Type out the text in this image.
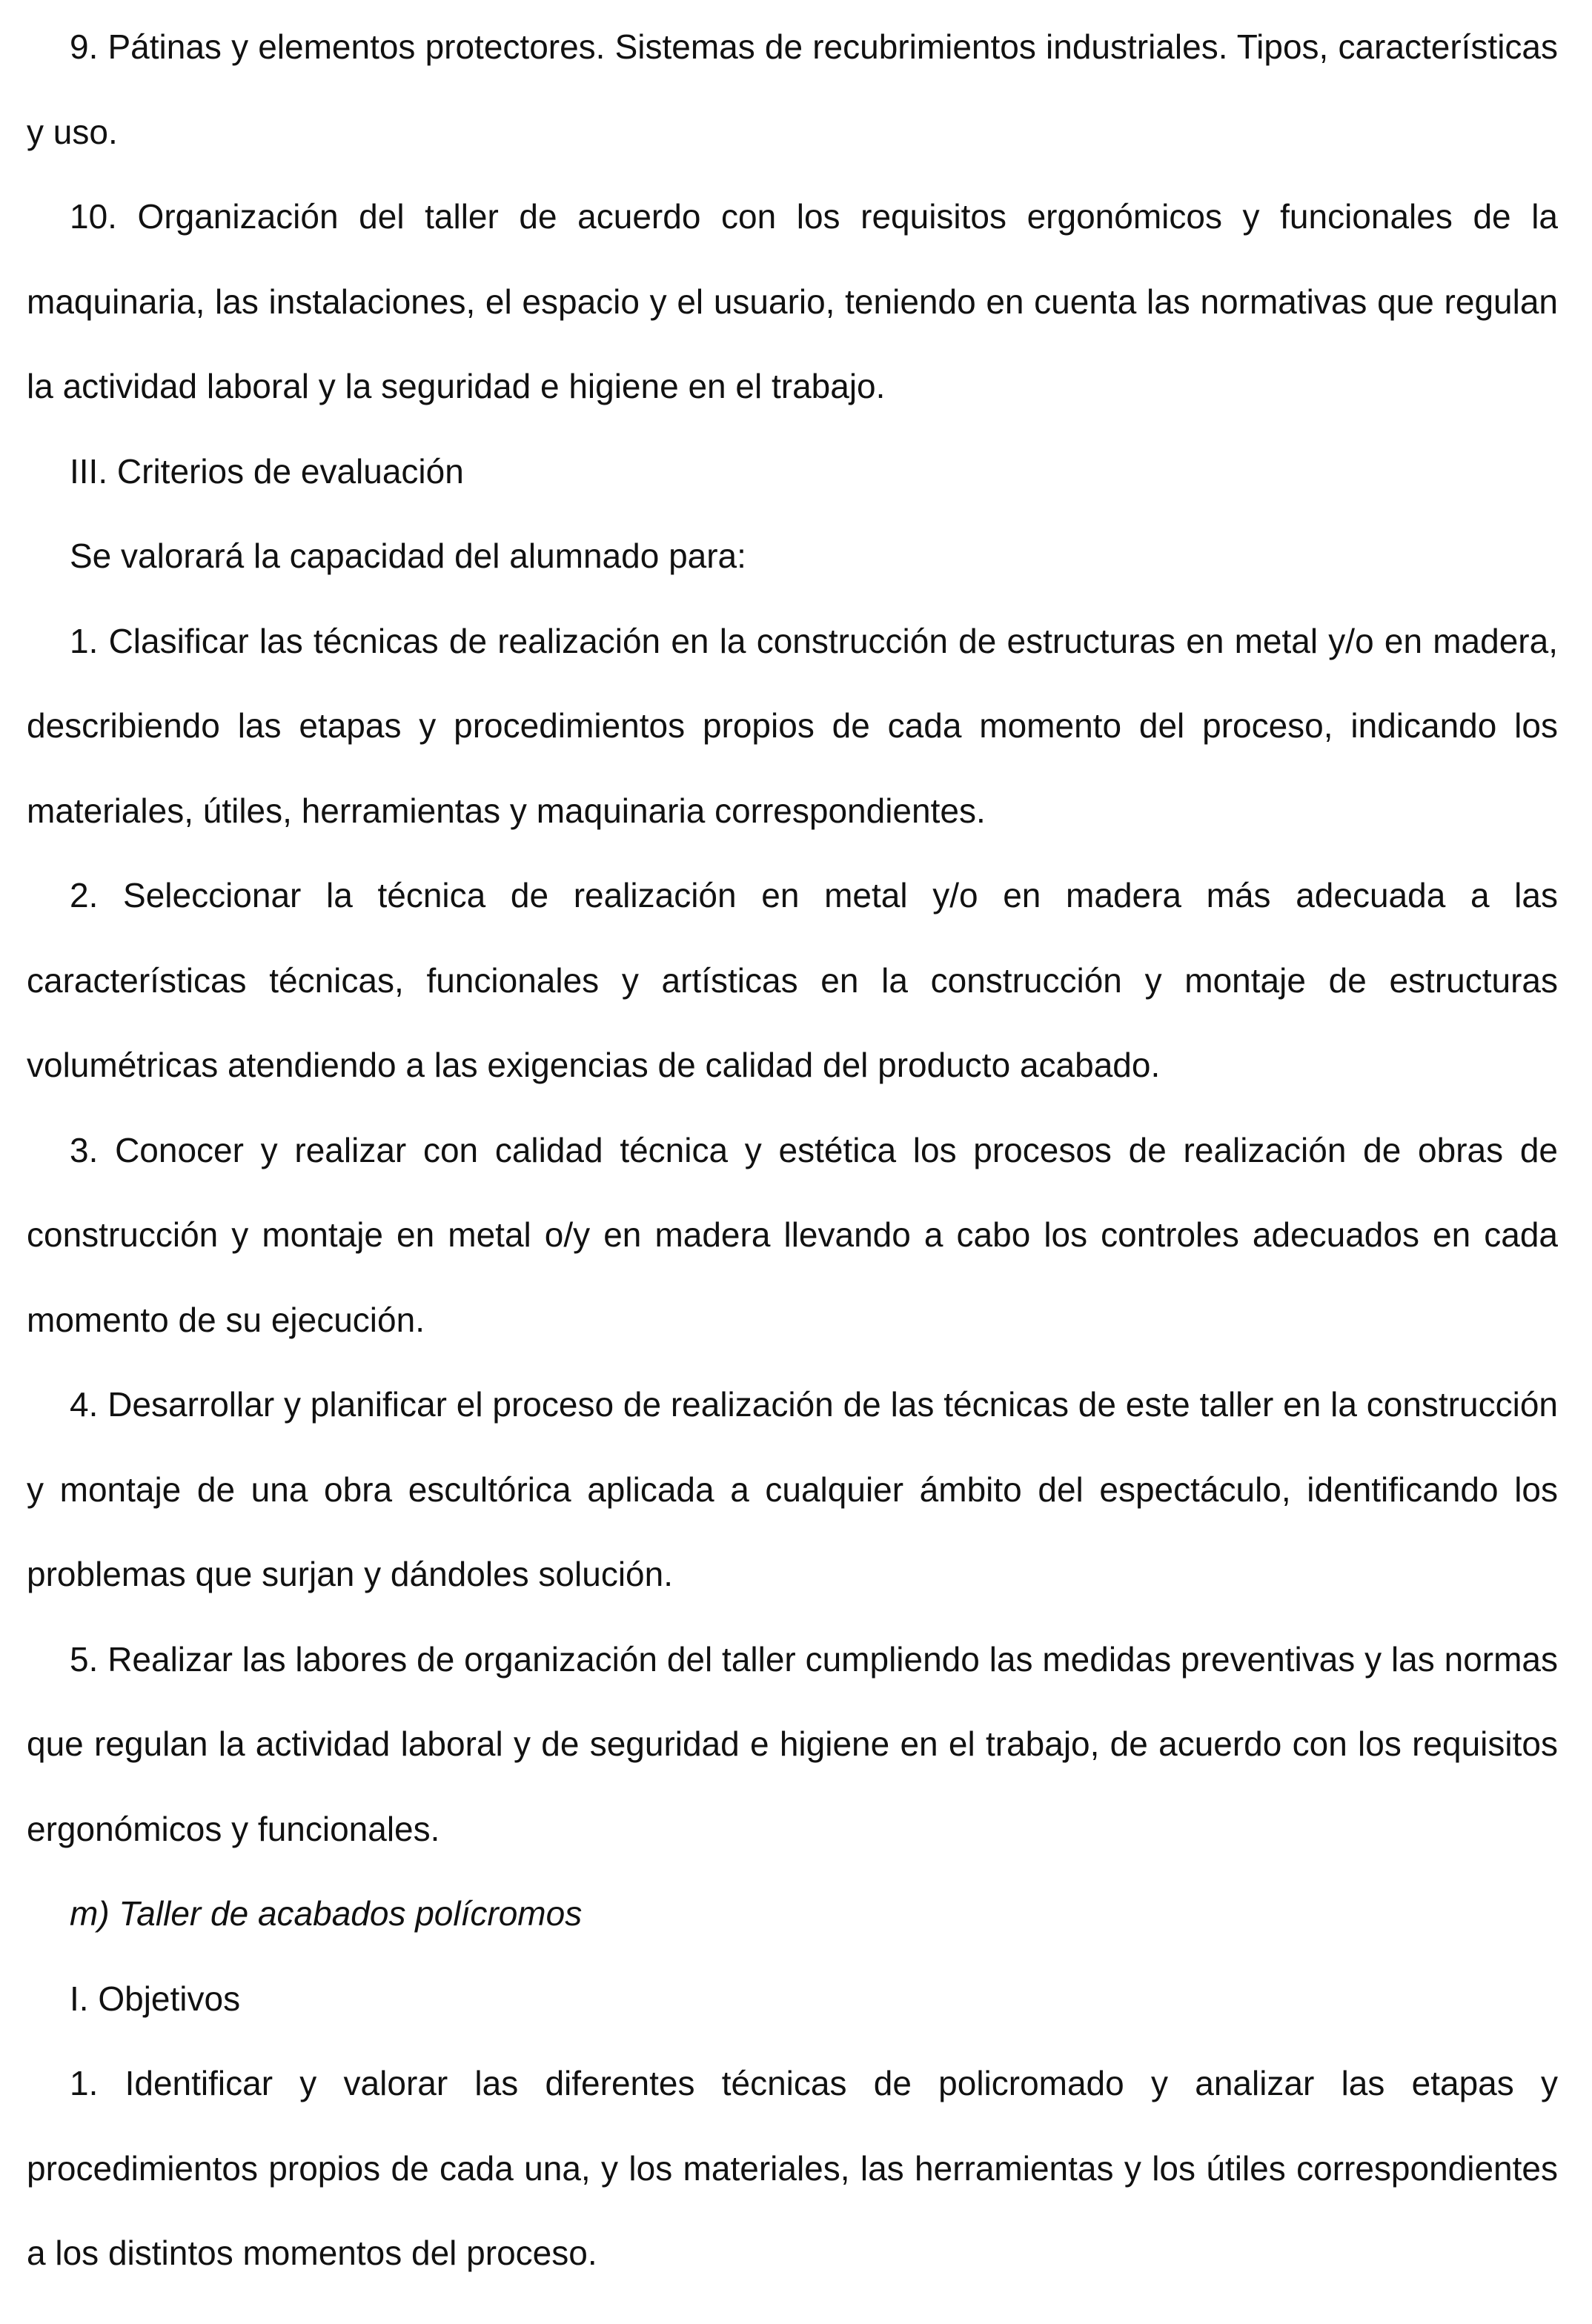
9. Pátinas y elementos protectores. Sistemas de recubrimientos industriales. Tipos, características y uso.

10. Organización del taller de acuerdo con los requisitos ergonómicos y funcionales de la maquinaria, las instalaciones, el espacio y el usuario, teniendo en cuenta las normativas que regulan la actividad laboral y la seguridad e higiene en el trabajo.

III. Criterios de evaluación

Se valorará la capacidad del alumnado para:

1. Clasificar las técnicas de realización en la construcción de estructuras en metal y/o en madera, describiendo las etapas y procedimientos propios de cada momento del proceso, indicando los materiales, útiles, herramientas y maquinaria correspondientes.

2. Seleccionar la técnica de realización en metal y/o en madera más adecuada a las características técnicas, funcionales y artísticas en la construcción y montaje de estructuras volumétricas atendiendo a las exigencias de calidad del producto acabado.

3. Conocer y realizar con calidad técnica y estética los procesos de realización de obras de construcción y montaje en metal o/y en madera llevando a cabo los controles adecuados en cada momento de su ejecución.

4. Desarrollar y planificar el proceso de realización de las técnicas de este taller en la construcción y montaje de una obra escultórica aplicada a cualquier ámbito del espectáculo, identificando los problemas que surjan y dándoles solución.

5. Realizar las labores de organización del taller cumpliendo las medidas preventivas y las normas que regulan la actividad laboral y de seguridad e higiene en el trabajo, de acuerdo con los requisitos ergonómicos y funcionales.

m) Taller de acabados polícromos

I. Objetivos

1. Identificar y valorar las diferentes técnicas de policromado y analizar las etapas y procedimientos propios de cada una, y los materiales, las herramientas y los útiles correspondientes a los distintos momentos del proceso.
